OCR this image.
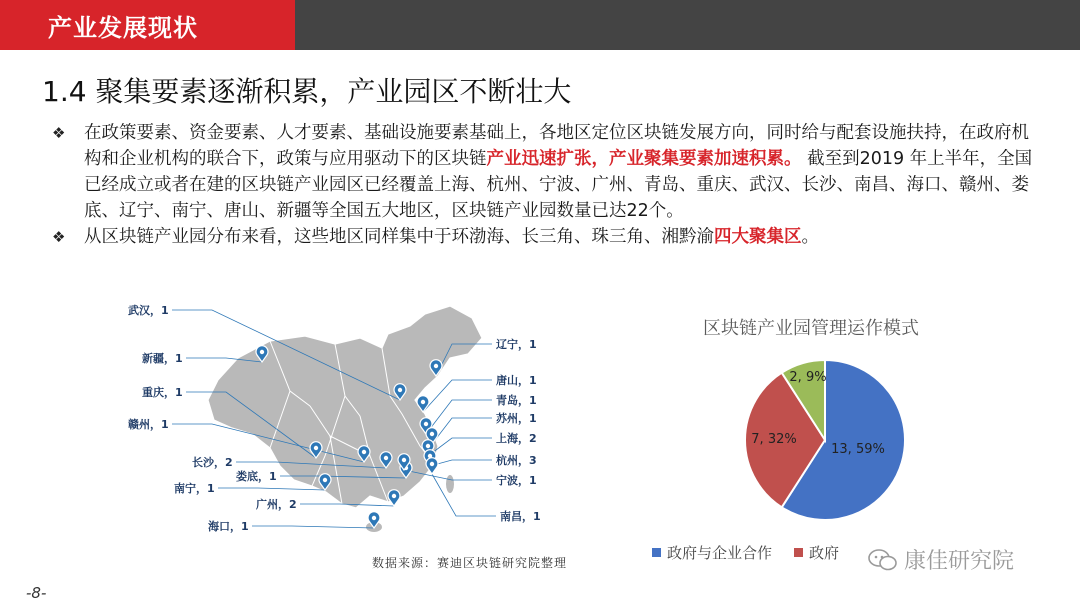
产业发展现状
1.4 聚集要素逐渐积累，产业园区不断壮大
❖ 在政策要素、资金要素、人才要素、基础设施要素基础上，各地区定位区块链发展方向，同时给与配套设施扶持，在政府机构和企业机构的联合下，政策与应用驱动下的区块链产业迅速扩张，产业聚集要素加速积累。 截至到2019 年上半年，全国已经成立或者在建的区块链产业园区已经覆盖上海、杭州、宁波、广州、青岛、重庆、武汉、长沙、南昌、海口、赣州、娄底、辽宁、南宁、唐山、新疆等全国五大地区，区块链产业园数量已达22个。
❖ 从区块链产业园分布来看，这些地区同样集中于环渤海、长三角、珠三角、湘黔渝四大聚集区。
武汉，1
新疆，1
重庆，1
赣州，1
长沙，2
南宁，1
娄底，1
广州，2
海口，1
辽宁，1
唐山，1
青岛，1
苏州，1
上海，2
杭州，3
宁波，1
南昌，1
数据来源：赛迪区块链研究院整理
区块链产业园管理运作模式
13, 59%
7, 32%
2, 9%
政府与企业合作 政府	康佳研究院
-8-
